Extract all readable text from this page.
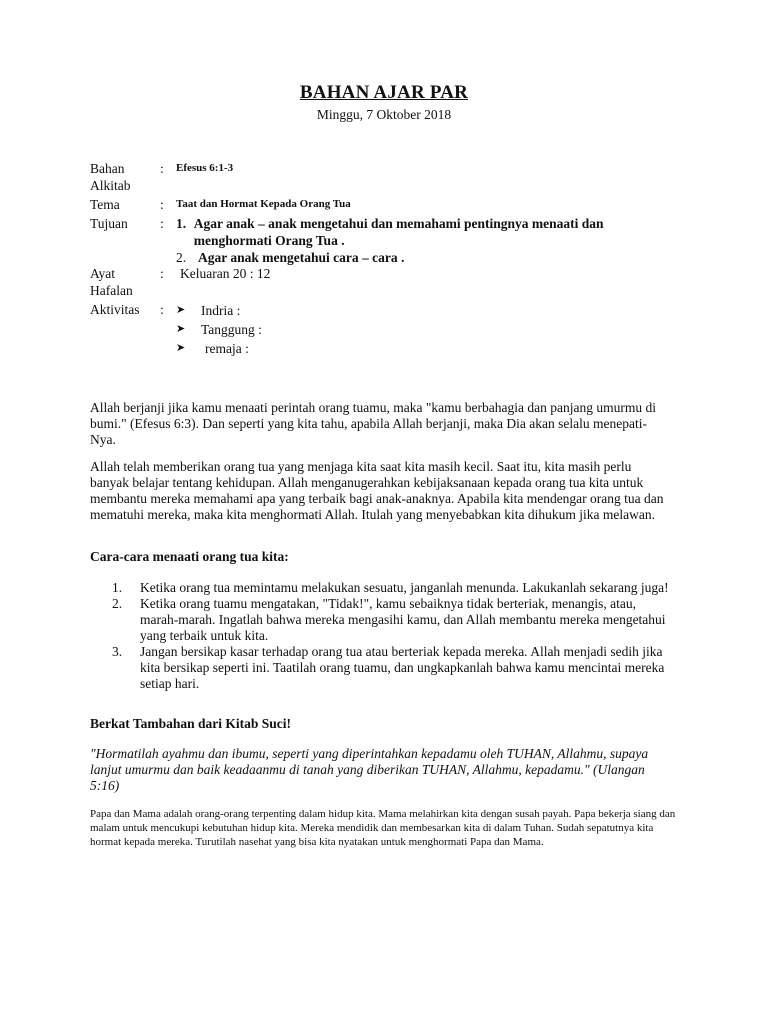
BAHAN AJAR PAR
Minggu, 7 Oktober 2018
Bahan Alkitab
:	Efesus 6:1-3
Tema	:	Taat dan Hormat Kepada Orang Tua
Tujuan	: 1. Agar anak – anak mengetahui dan memahami pentingnya menaati dan menghormati Orang Tua .
2. Agar anak mengetahui cara – cara .
Ayat Hafalan
:	Keluaran 20 : 12
Aktivitas	:	➤	Indria :
➤	Tanggung :
➤	remaja :
Allah berjanji jika kamu menaati perintah orang tuamu, maka "kamu berbahagia dan panjang umurmu di bumi." (Efesus 6:3). Dan seperti yang kita tahu, apabila Allah berjanji, maka Dia akan selalu menepati-Nya.
Allah telah memberikan orang tua yang menjaga kita saat kita masih kecil. Saat itu, kita masih perlu banyak belajar tentang kehidupan. Allah menganugerahkan kebijaksanaan kepada orang tua kita untuk membantu mereka memahami apa yang terbaik bagi anak-anaknya. Apabila kita mendengar orang tua dan mematuhi mereka, maka kita menghormati Allah. Itulah yang menyebabkan kita dihukum jika melawan.
Cara-cara menaati orang tua kita:
1.	Ketika orang tua memintamu melakukan sesuatu, janganlah menunda. Lakukanlah sekarang juga!
2.	Ketika orang tuamu mengatakan, "Tidak!", kamu sebaiknya tidak berteriak, menangis, atau, marah-marah. Ingatlah bahwa mereka mengasihi kamu, dan Allah membantu mereka mengetahui yang terbaik untuk kita.
3.	Jangan bersikap kasar terhadap orang tua atau berteriak kepada mereka. Allah menjadi sedih jika kita bersikap seperti ini. Taatilah orang tuamu, dan ungkapkanlah bahwa kamu mencintai mereka setiap hari.
Berkat Tambahan dari Kitab Suci!
"Hormatilah ayahmu dan ibumu, seperti yang diperintahkan kepadamu oleh TUHAN, Allahmu, supaya lanjut umurmu dan baik keadaanmu di tanah yang diberikan TUHAN, Allahmu, kepadamu." (Ulangan 5:16)
Papa dan Mama adalah orang-orang terpenting dalam hidup kita. Mama melahirkan kita dengan susah payah. Papa bekerja siang dan malam untuk mencukupi kebutuhan hidup kita. Mereka mendidik dan membesarkan kita di dalam Tuhan. Sudah sepatutnya kita hormat kepada mereka. Turutilah nasehat yang bisa kita nyatakan untuk menghormati Papa dan Mama.
